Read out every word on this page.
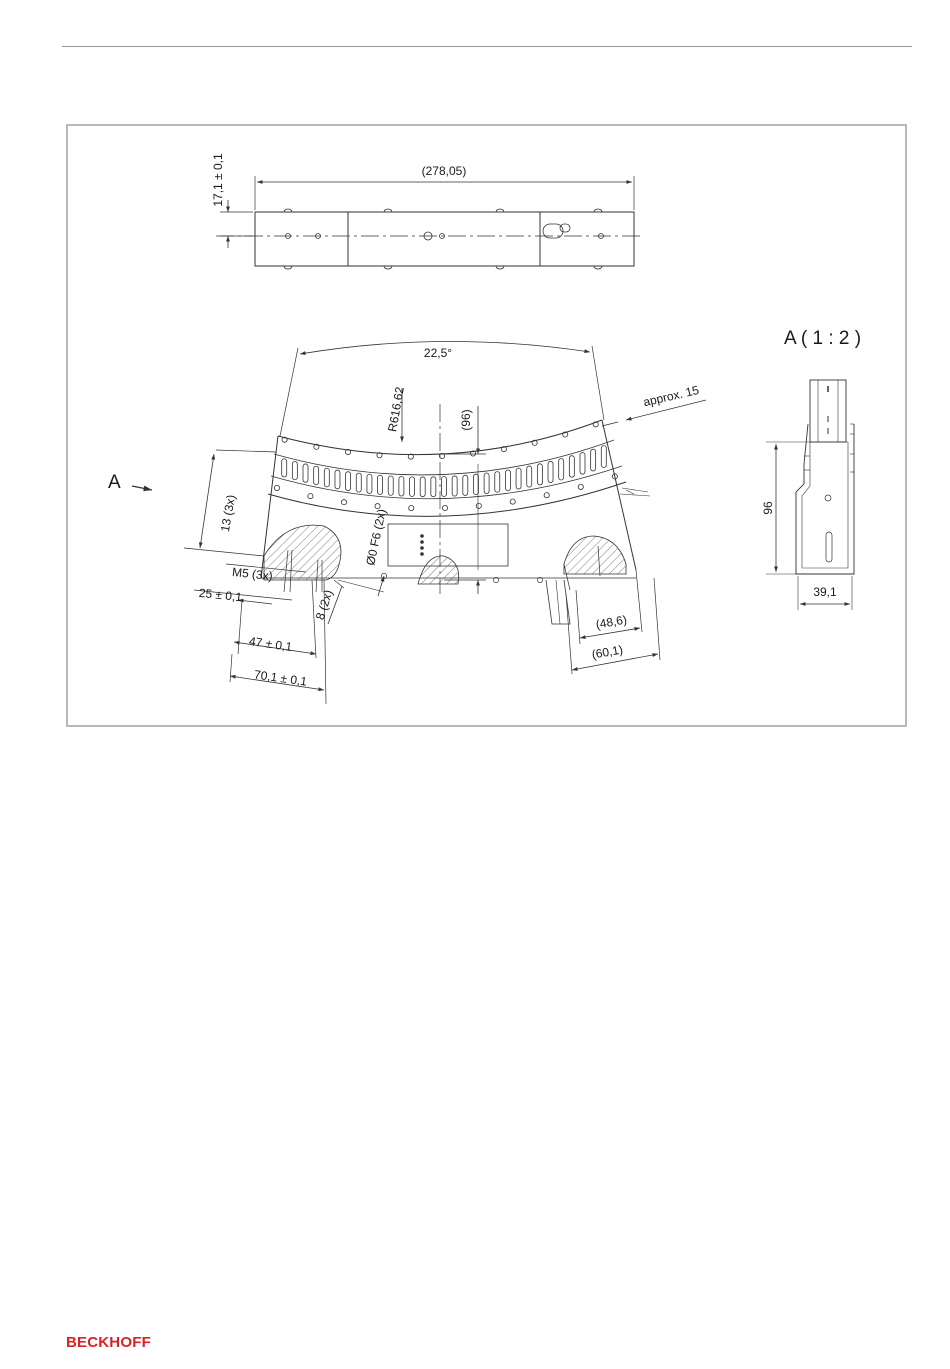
(278,05)
17,1 ± 0,1
22,5°
R616,62	(96)
approx. 15
A
13 (3x)
M5 (3x)
25 ± 0,1
47 ± 0,1
70,1 ± 0,1
8 (2x)
Ø0 F6 (2x)
(48,6)
(60,1)
A ( 1 : 2 )
96
39,1
BECKHOFF
